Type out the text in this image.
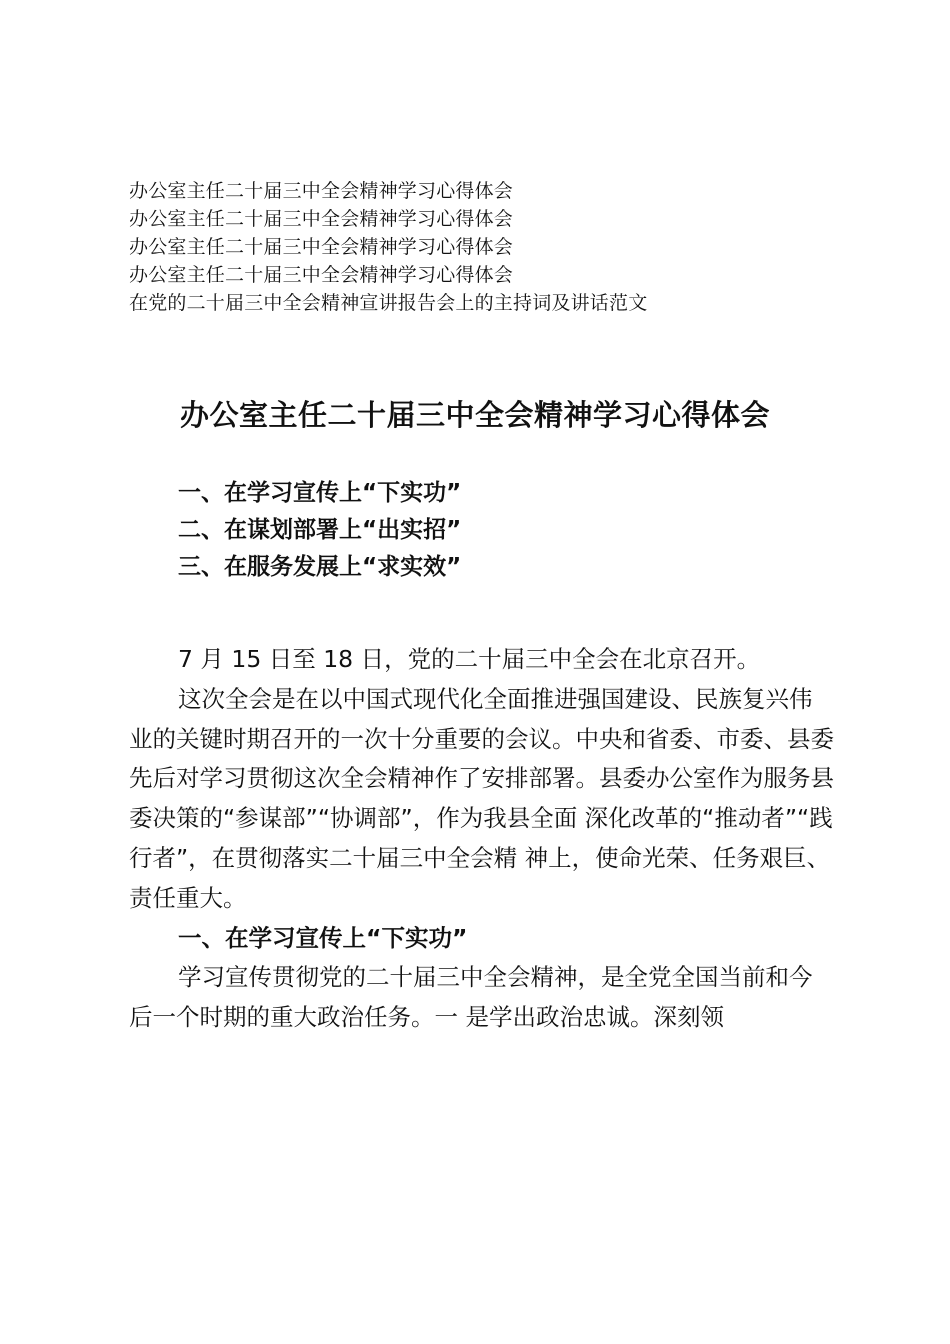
办公室主任二十届三中全会精神学习心得体会
办公室主任二十届三中全会精神学习心得体会
办公室主任二十届三中全会精神学习心得体会
办公室主任二十届三中全会精神学习心得体会
在党的二十届三中全会精神宣讲报告会上的主持词及讲话范文
办公室主任二十届三中全会精神学习心得体会
一、在学习宣传上“下实功”
二、在谋划部署上“出实招”
三、在服务发展上“求实效”

7 月 15 日至 18 日，党的二十届三中全会在北京召开。

这次全会是在以中国式现代化全面推进强国建设、民族复兴伟业的关键时期召开的一次十分重要的会议。中央和省委、市委、县委先后对学习贯彻这次全会精神作了安排部署。县委办公室作为服务县委决策的“参谋部”“协调部”，作为我县全面 深化改革的“推动者”“践行者”，在贯彻落实二十届三中全会精 神上，使命光荣、任务艰巨、责任重大。

一、在学习宣传上“下实功”

学习宣传贯彻党的二十届三中全会精神，是全党全国当前和今后一个时期的重大政治任务。一 是学出政治忠诚。深刻领
